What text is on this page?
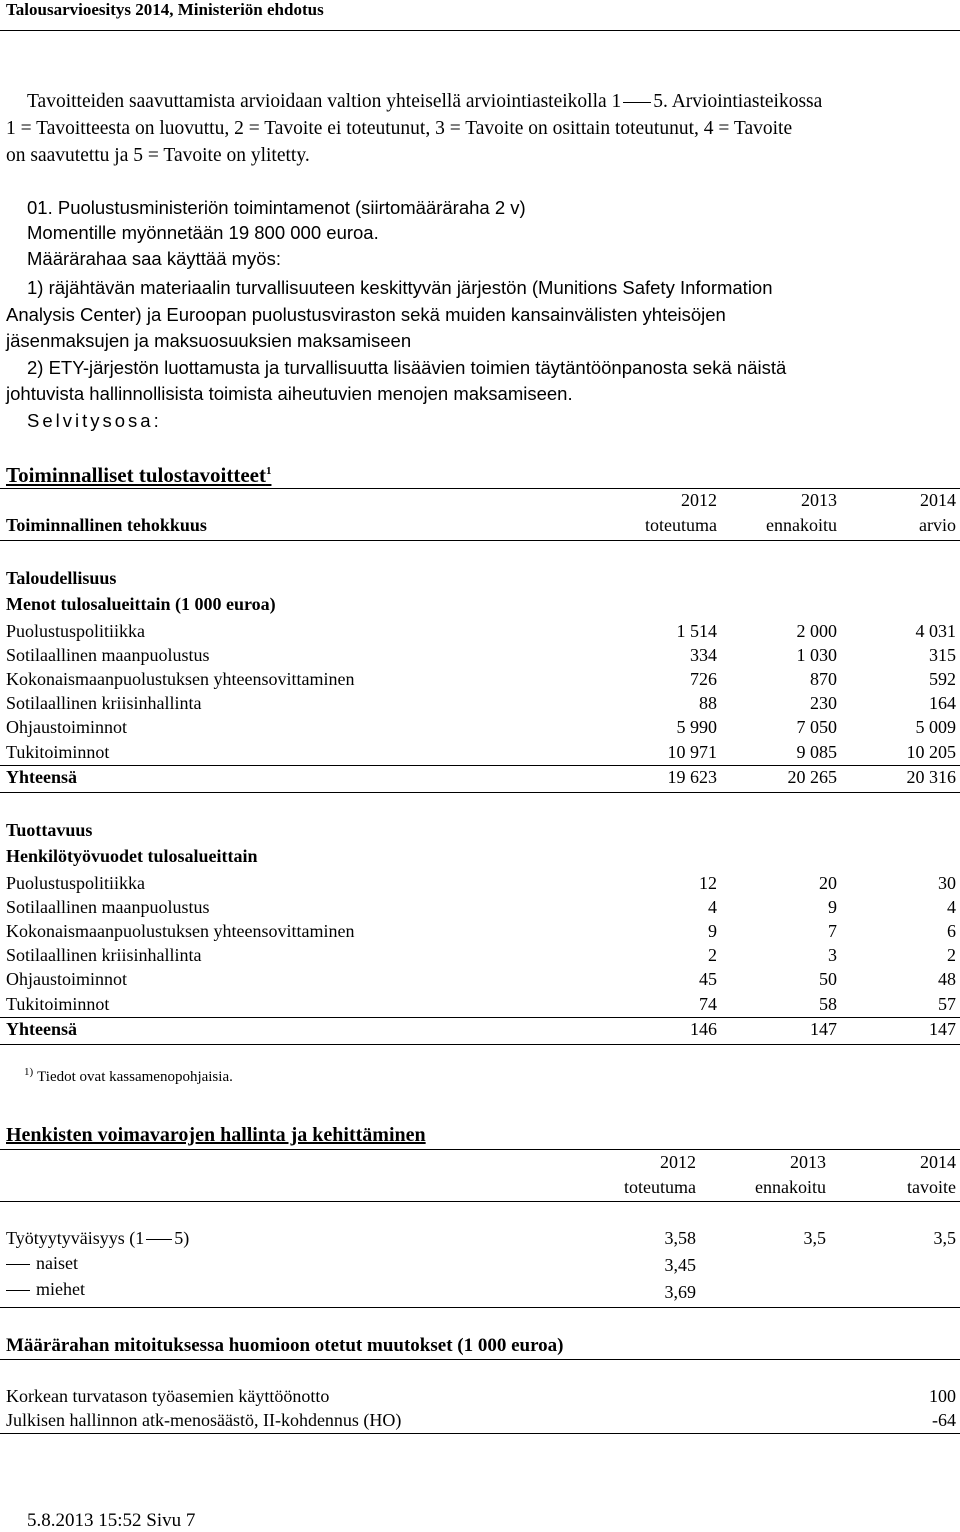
Talousarvioesitys 2014, Ministeriön ehdotus
Tavoitteiden saavuttamista arvioidaan valtion yhteisellä arviointiasteikolla 1 5. Arviointiasteikossa
1 = Tavoitteesta on luovuttu, 2 = Tavoite ei toteutunut, 3 = Tavoite on osittain toteutunut, 4 = Tavoite
on saavutettu ja 5 = Tavoite on ylitetty.
01. Puolustusministeriön toimintamenot (siirtomääräraha 2 v)
Momentille myönnetään 19 800 000 euroa.
Määrärahaa saa käyttää myös:
1) räjähtävän materiaalin turvallisuuteen keskittyvän järjestön (Munitions Safety Information
Analysis Center) ja Euroopan puolustusviraston sekä muiden kansainvälisten yhteisöjen
jäsenmaksujen ja maksuosuuksien maksamiseen
2) ETY-järjestön luottamusta ja turvallisuutta lisäävien toimien täytäntöönpanosta sekä näistä
johtuvista hallinnollisista toimista aiheutuvien menojen maksamiseen.
Selvitysosa:
Toiminnalliset tulostavoitteet$^1$
2012	2013	2014
Toiminnallinen tehokkuus	toteutuma	ennakoitu	arvio
Taloudellisuus
Menot tulosalueittain (1 000 euroa)
Puolustuspolitiikka	1 514	2 000	4 031
Sotilaallinen maanpuolustus	334	1 030	315
Kokonaismaanpuolustuksen yhteensovittaminen	726	870	592
Sotilaallinen kriisinhallinta	88	230	164
Ohjaustoiminnot	5 990	7 050	5 009
Tukitoiminnot	10 971	9 085	10 205
Yhteensä	19 623	20 265	20 316
Tuottavuus
Henkilötyövuodet tulosalueittain
Puolustuspolitiikka	12	20	30
Sotilaallinen maanpuolustus	4	9	4
Kokonaismaanpuolustuksen yhteensovittaminen	9	7	6
Sotilaallinen kriisinhallinta	2	3	2
Ohjaustoiminnot	45	50	48
Tukitoiminnot	74	58	57
Yhteensä	146	147	147
$^{1)}$ Tiedot ovat kassamenopohjaisia.
Henkisten voimavarojen hallinta ja kehittäminen
2012	2013	2014
toteutuma	ennakoitu	tavoite
Työtyytyväisyys (1 5)	3,58	3,5	3,5
naiset	3,45
miehet	3,69
Määrärahan mitoituksessa huomioon otetut muutokset (1 000 euroa)
Korkean turvatason työasemien käyttöönotto	100
Julkisen hallinnon atk-menosäästö, II-kohdennus (HO)	-64
5.8.2013 15:52 Sivu 7
